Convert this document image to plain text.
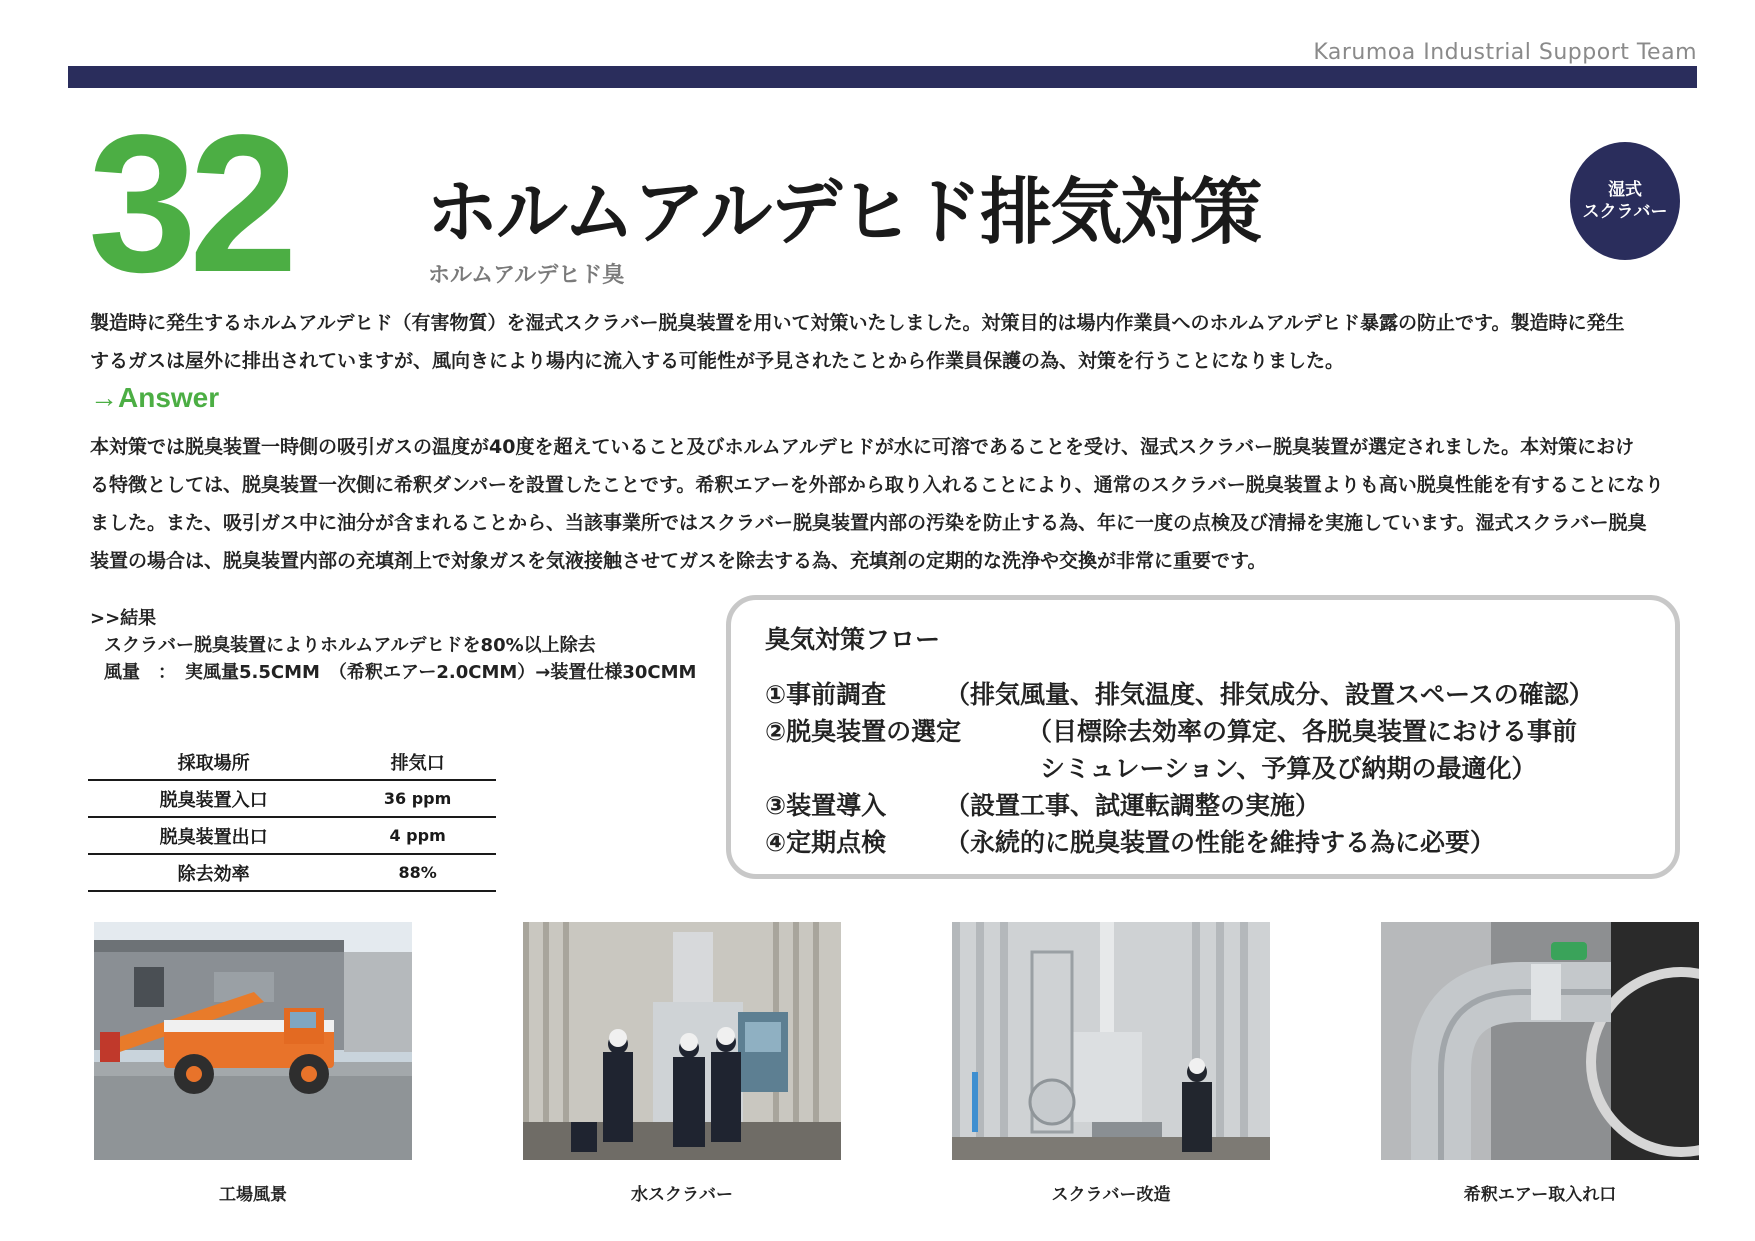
Karumoa Industrial Support Team
32 ホルムアルデヒド排気対策
ホルムアルデヒド臭
湿式
スクラバー
製造時に発生するホルムアルデヒド（有害物質）を湿式スクラバー脱臭装置を用いて対策いたしました。対策目的は場内作業員へのホルムアルデヒド暴露の防止です。製造時に発生
するガスは屋外に排出されていますが、風向きにより場内に流入する可能性が予見されたことから作業員保護の為、対策を行うことになりました。
→Answer
本対策では脱臭装置一時側の吸引ガスの温度が40度を超えていること及びホルムアルデヒドが水に可溶であることを受け、湿式スクラバー脱臭装置が選定されました。本対策におけ
る特徴としては、脱臭装置一次側に希釈ダンパーを設置したことです。希釈エアーを外部から取り入れることにより、通常のスクラバー脱臭装置よりも高い脱臭性能を有することになり
ました。また、吸引ガス中に油分が含まれることから、当該事業所ではスクラバー脱臭装置内部の汚染を防止する為、年に一度の点検及び清掃を実施しています。湿式スクラバー脱臭
装置の場合は、脱臭装置内部の充填剤上で対象ガスを気液接触させてガスを除去する為、充填剤の定期的な洗浄や交換が非常に重要です。
>>結果
スクラバー脱臭装置によりホルムアルデヒドを80%以上除去
風量　：　実風量5.5CMM　（希釈エアー2.0CMM）→装置仕様30CMM
採取場所	排気口
脱臭装置入口	36 ppm
脱臭装置出口	4 ppm
除去効率	88%
臭気対策フロー
①事前調査 （排気風量、排気温度、排気成分、設置スペースの確認）
②脱臭装置の選定	（目標除去効率の算定、各脱臭装置における事前
シミュレーション、予算及び納期の最適化）
③装置導入 （設置工事、試運転調整の実施）
④定期点検 （永続的に脱臭装置の性能を維持する為に必要）
工場風景	水スクラバー	スクラバー改造	希釈エアー取入れ口
